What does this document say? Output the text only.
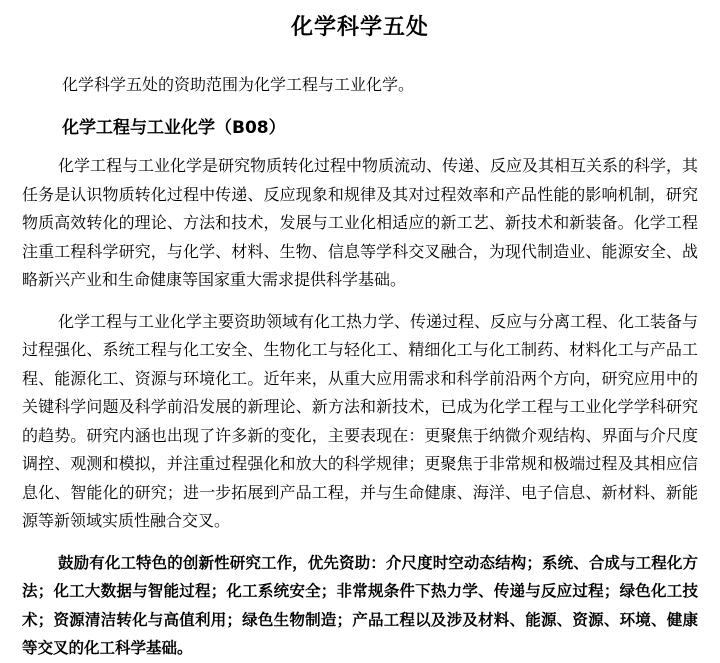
化学科学五处

化学科学五处的资助范围为化学工程与工业化学。

化学工程与工业化学（B08）

化学工程与工业化学是研究物质转化过程中物质流动、传递、反应及其相互关系的科学，其任务是认识物质转化过程中传递、反应现象和规律及其对过程效率和产品性能的影响机制，研究物质高效转化的理论、方法和技术，发展与工业化相适应的新工艺、新技术和新装备。化学工程注重工程科学研究，与化学、材料、生物、信息等学科交叉融合，为现代制造业、能源安全、战略新兴产业和生命健康等国家重大需求提供科学基础。

化学工程与工业化学主要资助领域有化工热力学、传递过程、反应与分离工程、化工装备与过程强化、系统工程与化工安全、生物化工与轻化工、精细化工与化工制药、材料化工与产品工程、能源化工、资源与环境化工。近年来，从重大应用需求和科学前沿两个方向，研究应用中的关键科学问题及科学前沿发展的新理论、新方法和新技术，已成为化学工程与工业化学学科研究的趋势。研究内涵也出现了许多新的变化，主要表现在：更聚焦于纳微介观结构、界面与介尺度调控、观测和模拟，并注重过程强化和放大的科学规律；更聚焦于非常规和极端过程及其相应信息化、智能化的研究；进一步拓展到产品工程，并与生命健康、海洋、电子信息、新材料、新能源等新领域实质性融合交叉。

鼓励有化工特色的创新性研究工作，优先资助：介尺度时空动态结构；系统、合成与工程化方法；化工大数据与智能过程；化工系统安全；非常规条件下热力学、传递与反应过程；绿色化工技术；资源清洁转化与高值利用；绿色生物制造；产品工程以及涉及材料、能源、资源、环境、健康等交叉的化工科学基础。
